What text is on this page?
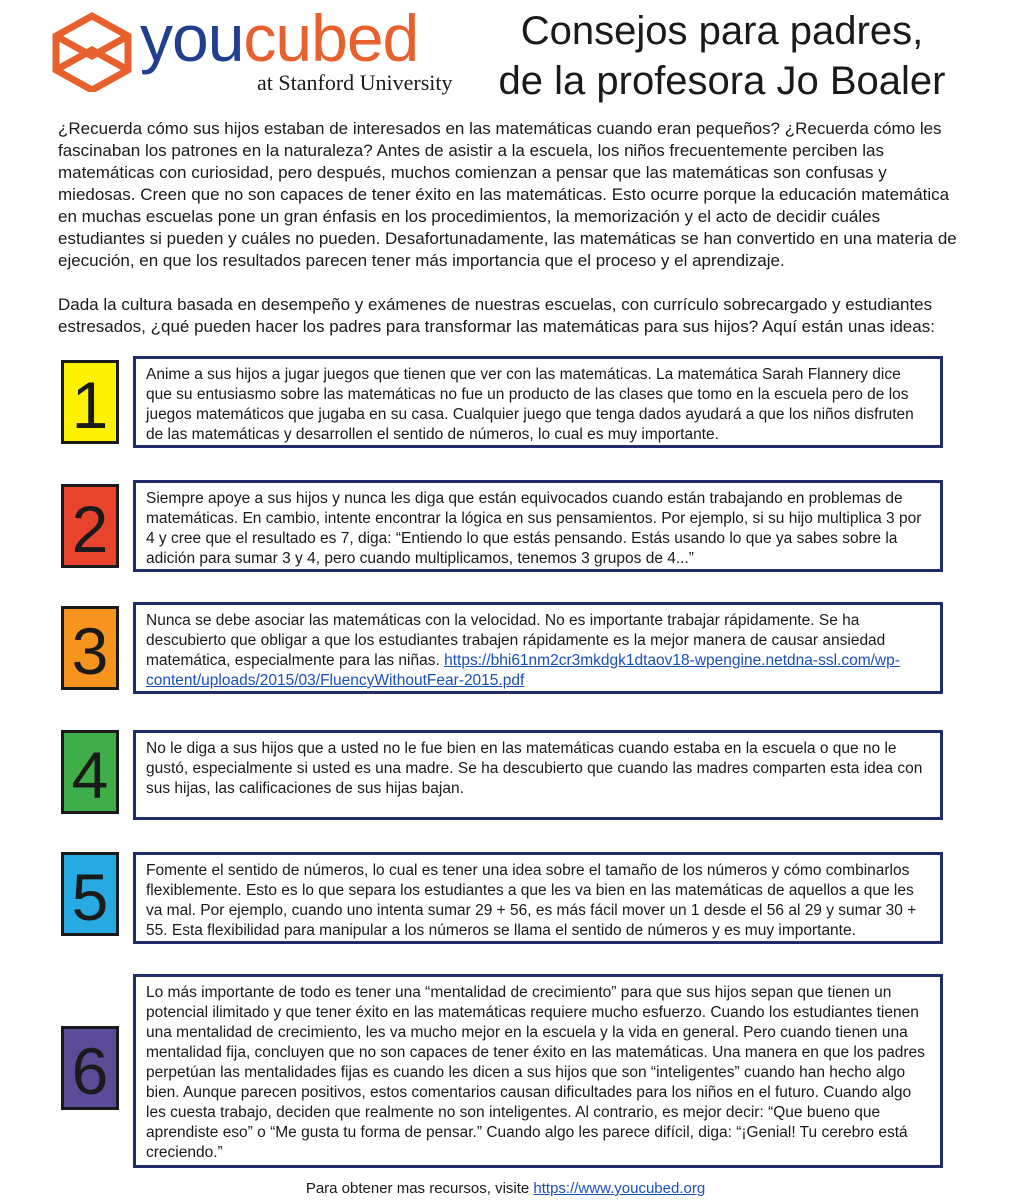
youcubed
at Stanford University
Consejos para padres,
de la profesora Jo Boaler

¿Recuerda cómo sus hijos estaban de interesados en las matemáticas cuando eran pequeños? ¿Recuerda cómo les fascinaban los patrones en la naturaleza? Antes de asistir a la escuela, los niños frecuentemente perciben las matemáticas con curiosidad, pero después, muchos comienzan a pensar que las matemáticas son confusas y miedosas. Creen que no son capaces de tener éxito en las matemáticas. Esto ocurre porque la educación matemática en muchas escuelas pone un gran énfasis en los procedimientos, la memorización y el acto de decidir cuáles estudiantes si pueden y cuáles no pueden. Desafortunadamente, las matemáticas se han convertido en una materia de ejecución, en que los resultados parecen tener más importancia que el proceso y el aprendizaje.

Dada la cultura basada en desempeño y exámenes de nuestras escuelas, con currículo sobrecargado y estudiantes estresados, ¿qué pueden hacer los padres para transformar las matemáticas para sus hijos? Aquí están unas ideas:

1	Anime a sus hijos a jugar juegos que tienen que ver con las matemáticas. La matemática Sarah Flannery dice que su entusiasmo sobre las matemáticas no fue un producto de las clases que tomo en la escuela pero de los juegos matemáticos que jugaba en su casa. Cualquier juego que tenga dados ayudará a que los niños disfruten de las matemáticas y desarrollen el sentido de números, lo cual es muy importante.
2	Siempre apoye a sus hijos y nunca les diga que están equivocados cuando están trabajando en problemas de matemáticas. En cambio, intente encontrar la lógica en sus pensamientos. Por ejemplo, si su hijo multiplica 3 por 4 y cree que el resultado es 7, diga: “Entiendo lo que estás pensando. Estás usando lo que ya sabes sobre la adición para sumar 3 y 4, pero cuando multiplicamos, tenemos 3 grupos de 4...”
3	Nunca se debe asociar las matemáticas con la velocidad. No es importante trabajar rápidamente. Se ha descubierto que obligar a que los estudiantes trabajen rápidamente es la mejor manera de causar ansiedad matemática, especialmente para las niñas. https://bhi61nm2cr3mkdgk1dtaov18-wpengine.netdna-ssl.com/wp-content/uploads/2015/03/FluencyWithoutFear-2015.pdf
4	No le diga a sus hijos que a usted no le fue bien en las matemáticas cuando estaba en la escuela o que no le gustó, especialmente si usted es una madre. Se ha descubierto que cuando las madres comparten esta idea con sus hijas, las calificaciones de sus hijas bajan.
5	Fomente el sentido de números, lo cual es tener una idea sobre el tamaño de los números y cómo combinarlos flexiblemente. Esto es lo que separa los estudiantes a que les va bien en las matemáticas de aquellos a que les va mal. Por ejemplo, cuando uno intenta sumar 29 + 56, es más fácil mover un 1 desde el 56 al 29 y sumar 30 + 55. Esta flexibilidad para manipular a los números se llama el sentido de números y es muy importante.
6
Lo más importante de todo es tener una “mentalidad de crecimiento” para que sus hijos sepan que tienen un potencial ilimitado y que tener éxito en las matemáticas requiere mucho esfuerzo. Cuando los estudiantes tienen una mentalidad de crecimiento, les va mucho mejor en la escuela y la vida en general. Pero cuando tienen una mentalidad fija, concluyen que no son capaces de tener éxito en las matemáticas. Una manera en que los padres perpetúan las mentalidades fijas es cuando les dicen a sus hijos que son “inteligentes” cuando han hecho algo bien. Aunque parecen positivos, estos comentarios causan dificultades para los niños en el futuro. Cuando algo les cuesta trabajo, deciden que realmente no son inteligentes. Al contrario, es mejor decir: “Que bueno que aprendiste eso” o “Me gusta tu forma de pensar.” Cuando algo les parece difícil, diga: “¡Genial! Tu cerebro está creciendo.”
Para obtener mas recursos, visite https://www.youcubed.org
